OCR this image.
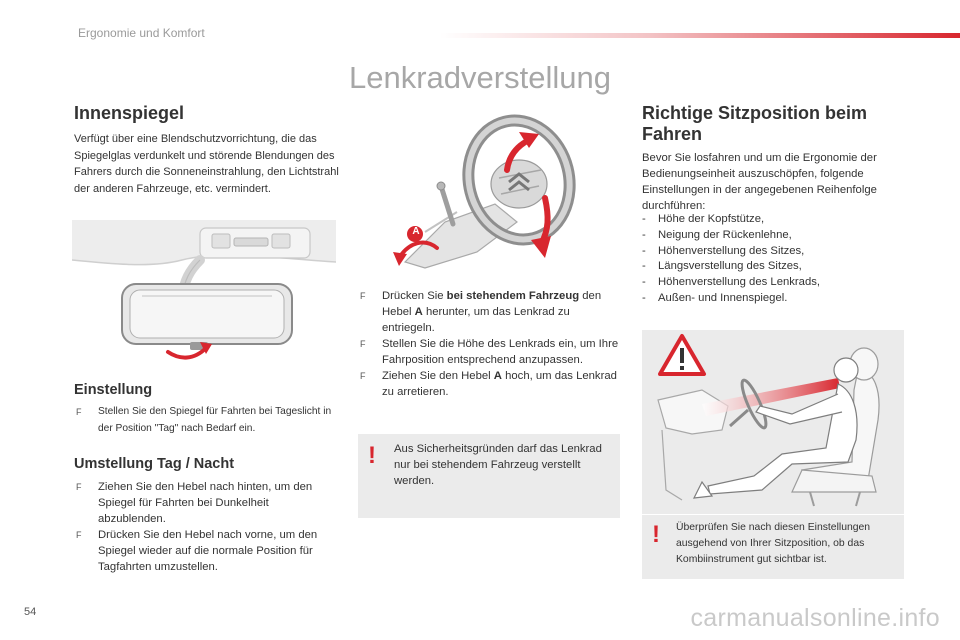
Ergonomie und Komfort
Lenkradverstellung
Innenspiegel

Verfügt über eine Blendschutzvorrichtung, die das Spiegelglas verdunkelt und störende Blendungen des Fahrers durch die Sonneneinstrahlung, den Lichtstrahl der anderen Fahrzeuge, etc. vermindert.

Einstellung
F Stellen Sie den Spiegel für Fahrten bei Tageslicht in der Position "Tag" nach Bedarf ein.
Umstellung Tag / Nacht
F Ziehen Sie den Hebel nach hinten, um den Spiegel für Fahrten bei Dunkelheit abzublenden.
F Drücken Sie den Hebel nach vorne, um den Spiegel wieder auf die normale Position für Tagfahrten umzustellen.
A
F Drücken Sie bei stehendem Fahrzeug den Hebel A herunter, um das Lenkrad zu entriegeln.
F Stellen Sie die Höhe des Lenkrads ein, um Ihre Fahrposition entsprechend anzupassen.
F Ziehen Sie den Hebel A hoch, um das Lenkrad zu arretieren.
! Aus Sicherheitsgründen darf das Lenkrad nur bei stehendem Fahrzeug verstellt werden.
Richtige Sitzposition beim Fahren

Bevor Sie losfahren und um die Ergonomie der Bedienungseinheit auszuschöpfen, folgende Einstellungen in der angegebenen Reihenfolge durchführen:

- Höhe der Kopfstütze,
- Neigung der Rückenlehne,
- Höhenverstellung des Sitzes,
- Längsverstellung des Sitzes,
- Höhenverstellung des Lenkrads,
- Außen- und Innenspiegel.
! Überprüfen Sie nach diesen Einstellungen ausgehend von Ihrer Sitzposition, ob das Kombiinstrument gut sichtbar ist.
54	carmanualsonline.info
